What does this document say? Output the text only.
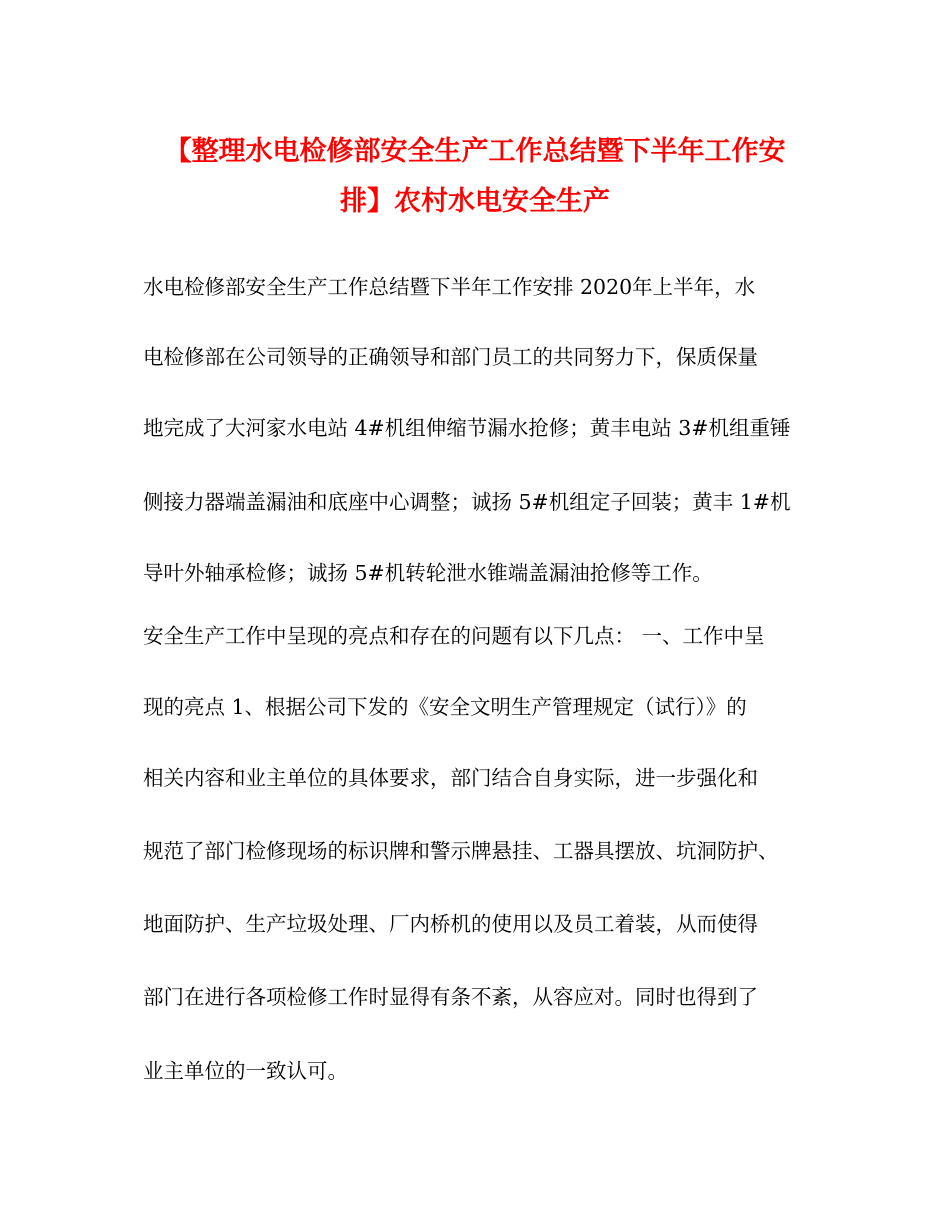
【整理水电检修部安全生产工作总结暨下半年工作安
排】农村水电安全生产
水电检修部安全生产工作总结暨下半年工作安排 2020年上半年，水
电检修部在公司领导的正确领导和部门员工的共同努力下，保质保量
地完成了大河家水电站 4#机组伸缩节漏水抢修；黄丰电站 3#机组重锤
侧接力器端盖漏油和底座中心调整；诚扬 5#机组定子回装；黄丰 1#机
导叶外轴承检修；诚扬 5#机转轮泄水锥端盖漏油抢修等工作。
安全生产工作中呈现的亮点和存在的问题有以下几点： 一、工作中呈
现的亮点 1、根据公司下发的《安全文明生产管理规定（试行）》的
相关内容和业主单位的具体要求，部门结合自身实际，进一步强化和
规范了部门检修现场的标识牌和警示牌悬挂、工器具摆放、坑洞防护、
地面防护、生产垃圾处理、厂内桥机的使用以及员工着装，从而使得
部门在进行各项检修工作时显得有条不紊，从容应对。同时也得到了
业主单位的一致认可。
